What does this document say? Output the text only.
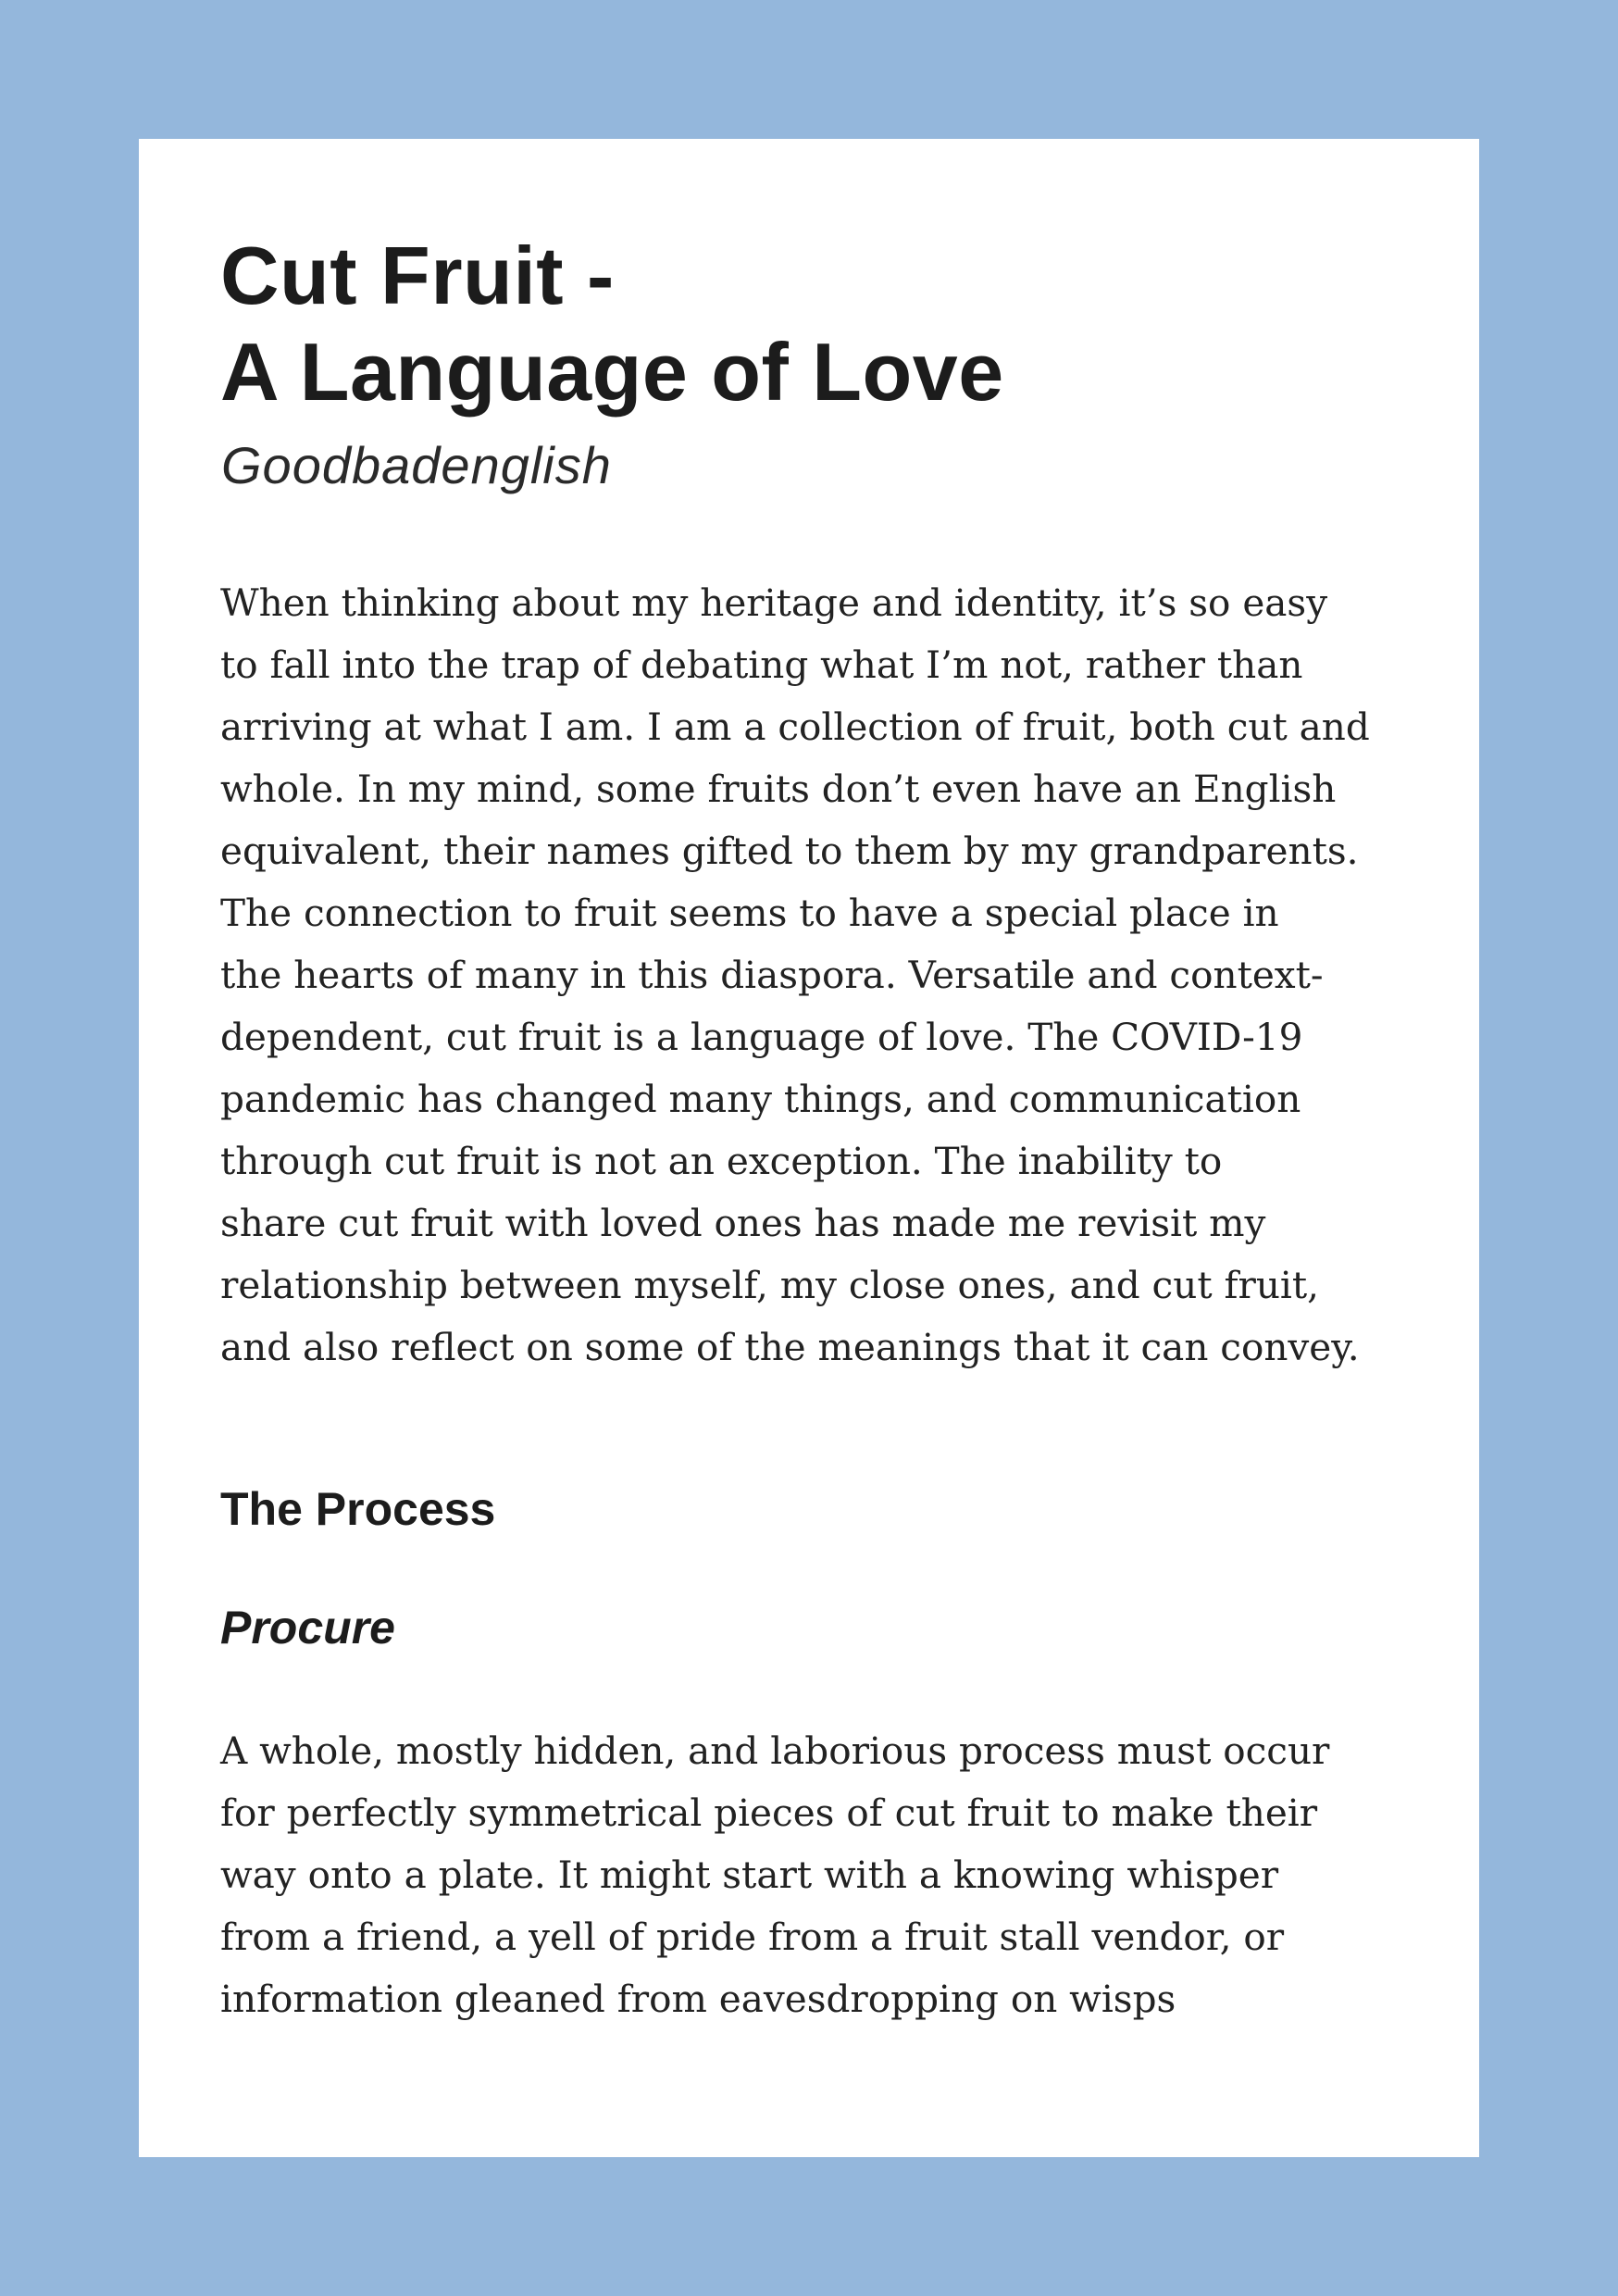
Cut Fruit -
A Language of Love

Goodbadenglish

When thinking about my heritage and identity, it’s so easy
to fall into the trap of debating what I’m not, rather than
arriving at what I am. I am a collection of fruit, both cut and
whole. In my mind, some fruits don’t even have an English
equivalent, their names gifted to them by my grandparents.
The connection to fruit seems to have a special place in
the hearts of many in this diaspora. Versatile and context-
dependent, cut fruit is a language of love. The COVID-19
pandemic has changed many things, and communication
through cut fruit is not an exception. The inability to
share cut fruit with loved ones has made me revisit my
relationship between myself, my close ones, and cut fruit,
and also reflect on some of the meanings that it can convey.

The Process
Procure

A whole, mostly hidden, and laborious process must occur
for perfectly symmetrical pieces of cut fruit to make their
way onto a plate. It might start with a knowing whisper
from a friend, a yell of pride from a fruit stall vendor, or
information gleaned from eavesdropping on wisps
